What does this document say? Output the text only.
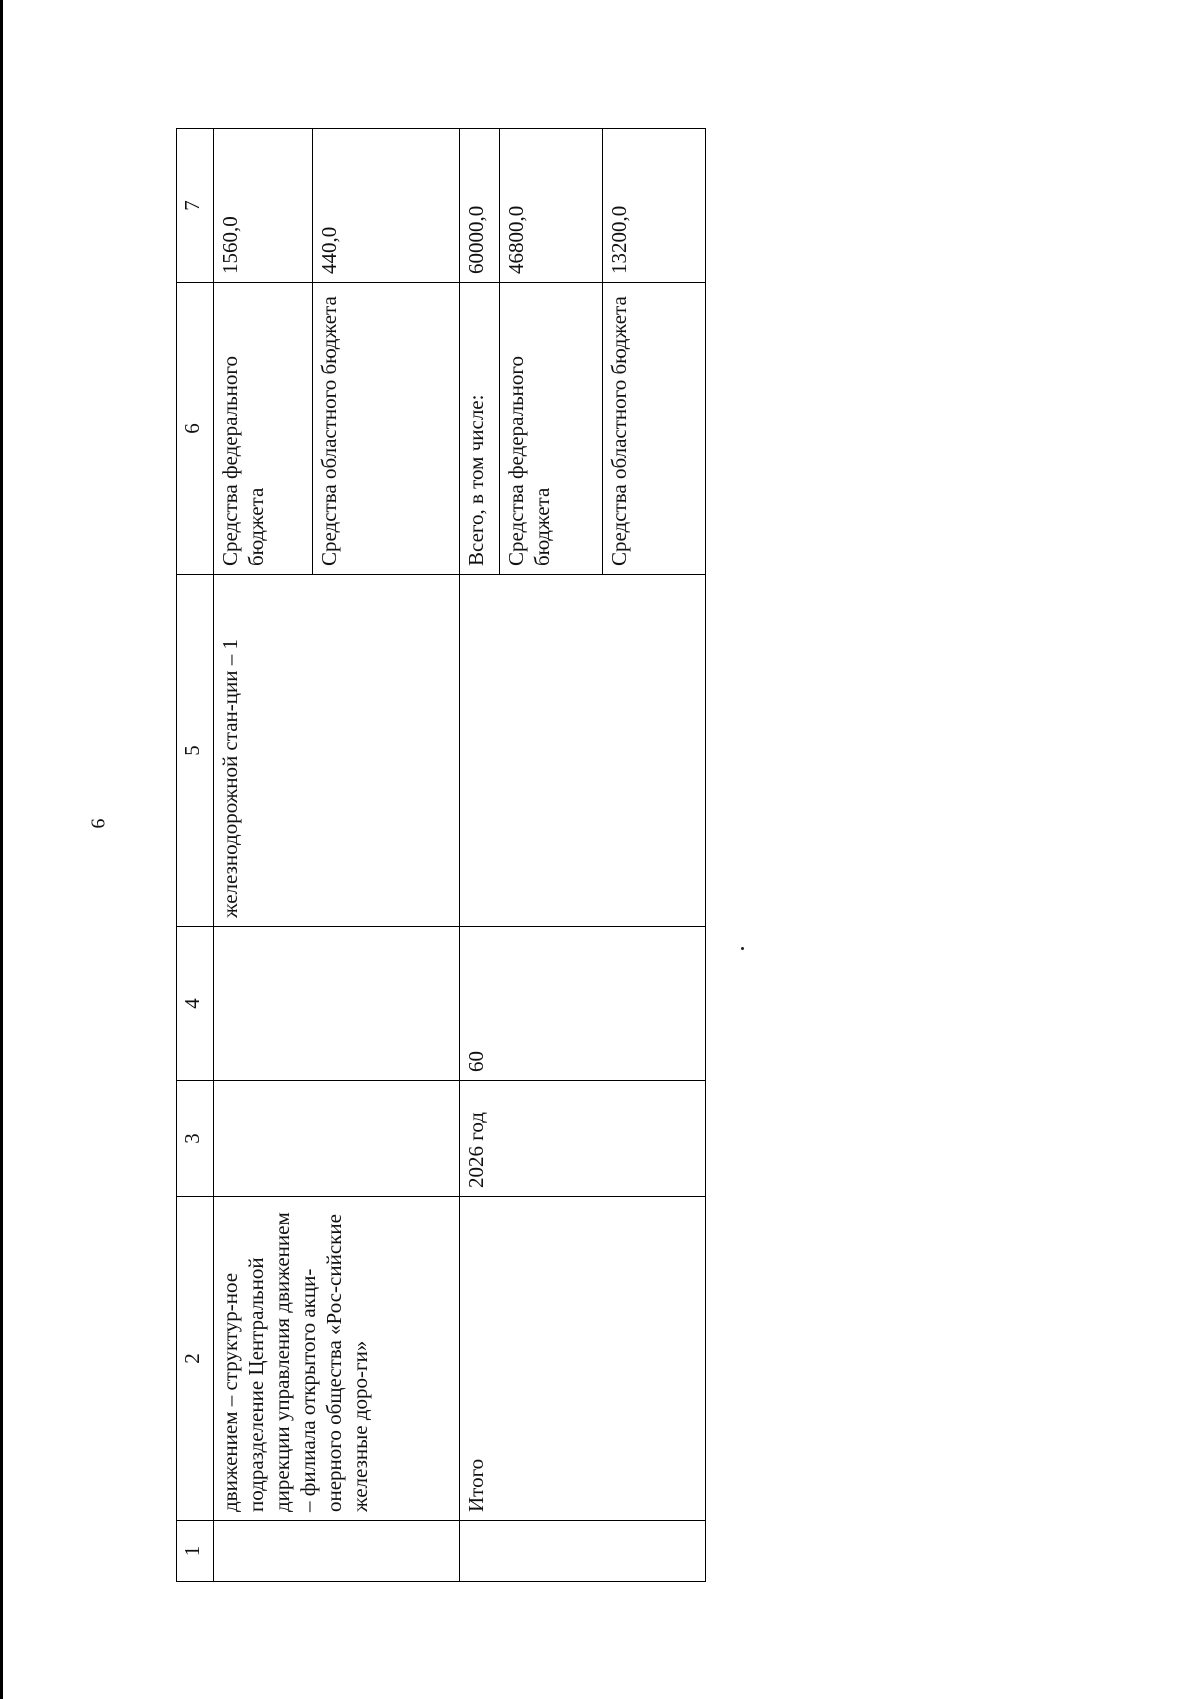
9
1	2	3	4	5	6	7
	движением – структур-ное подразделение Центральной дирекции управления движением – филиала открытого акци-онерного общества «Рос-сийские железные доро-ги»			железнодорожной стан-ции – 1	Средства федерального бюджета	1560,0
					Средства областного бюджета	440,0
	Итого	2026 год	60		Всего, в том числе:	60000,0
					Средства федерального бюджета	46800,0
					Средства областного бюджета	13200,0
